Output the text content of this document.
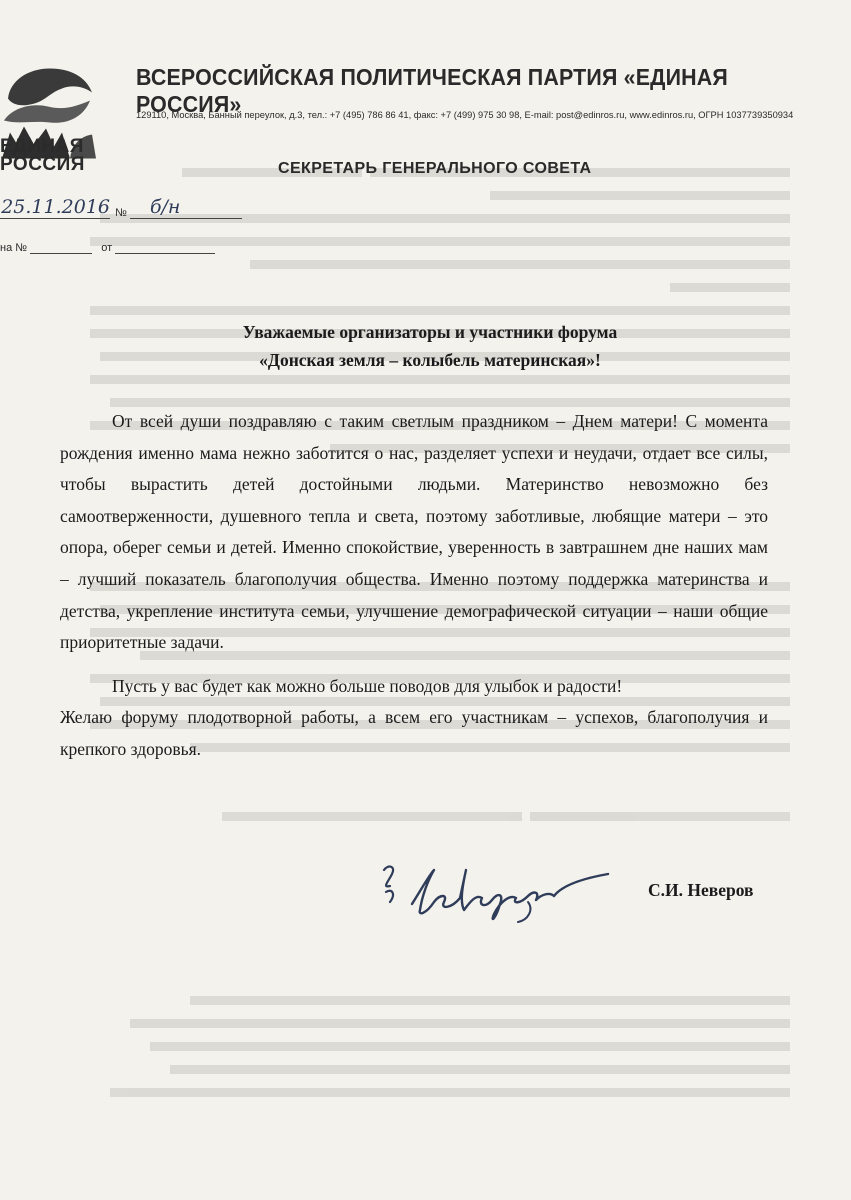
ЕДИНАЯ
РОССИЯ
ВСЕРОССИЙСКАЯ ПОЛИТИЧЕСКАЯ ПАРТИЯ «ЕДИНАЯ РОССИЯ»
129110, Москва, Банный переулок, д.3, тел.: +7 (495) 786 86 41, факс: +7 (499) 975 30 98, E-mail: post@edinros.ru, www.edinros.ru, ОГРН 1037739350934
СЕКРЕТАРЬ ГЕНЕРАЛЬНОГО СОВЕТА
25.11.2016 № б/н
на №	от
Уважаемые организаторы и участники форума
«Донская земля – колыбель материнская»!

От всей души поздравляю с таким светлым праздником – Днем матери! С момента рождения именно мама нежно заботится о нас, разделяет успехи и неудачи, отдает все силы, чтобы вырастить детей достойными людьми. Материнство невозможно без самоотверженности, душевного тепла и света, поэтому заботливые, любящие матери – это опора, оберег семьи и детей. Именно спокойствие, уверенность в завтрашнем дне наших мам – лучший показатель благополучия общества. Именно поэтому поддержка материнства и детства, укрепление института семьи, улучшение демографической ситуации – наши общие приоритетные задачи.

Пусть у вас будет как можно больше поводов для улыбок и радости!

Желаю форуму плодотворной работы, а всем его участникам – успехов, благополучия и крепкого здоровья.

С.И. Неверов
